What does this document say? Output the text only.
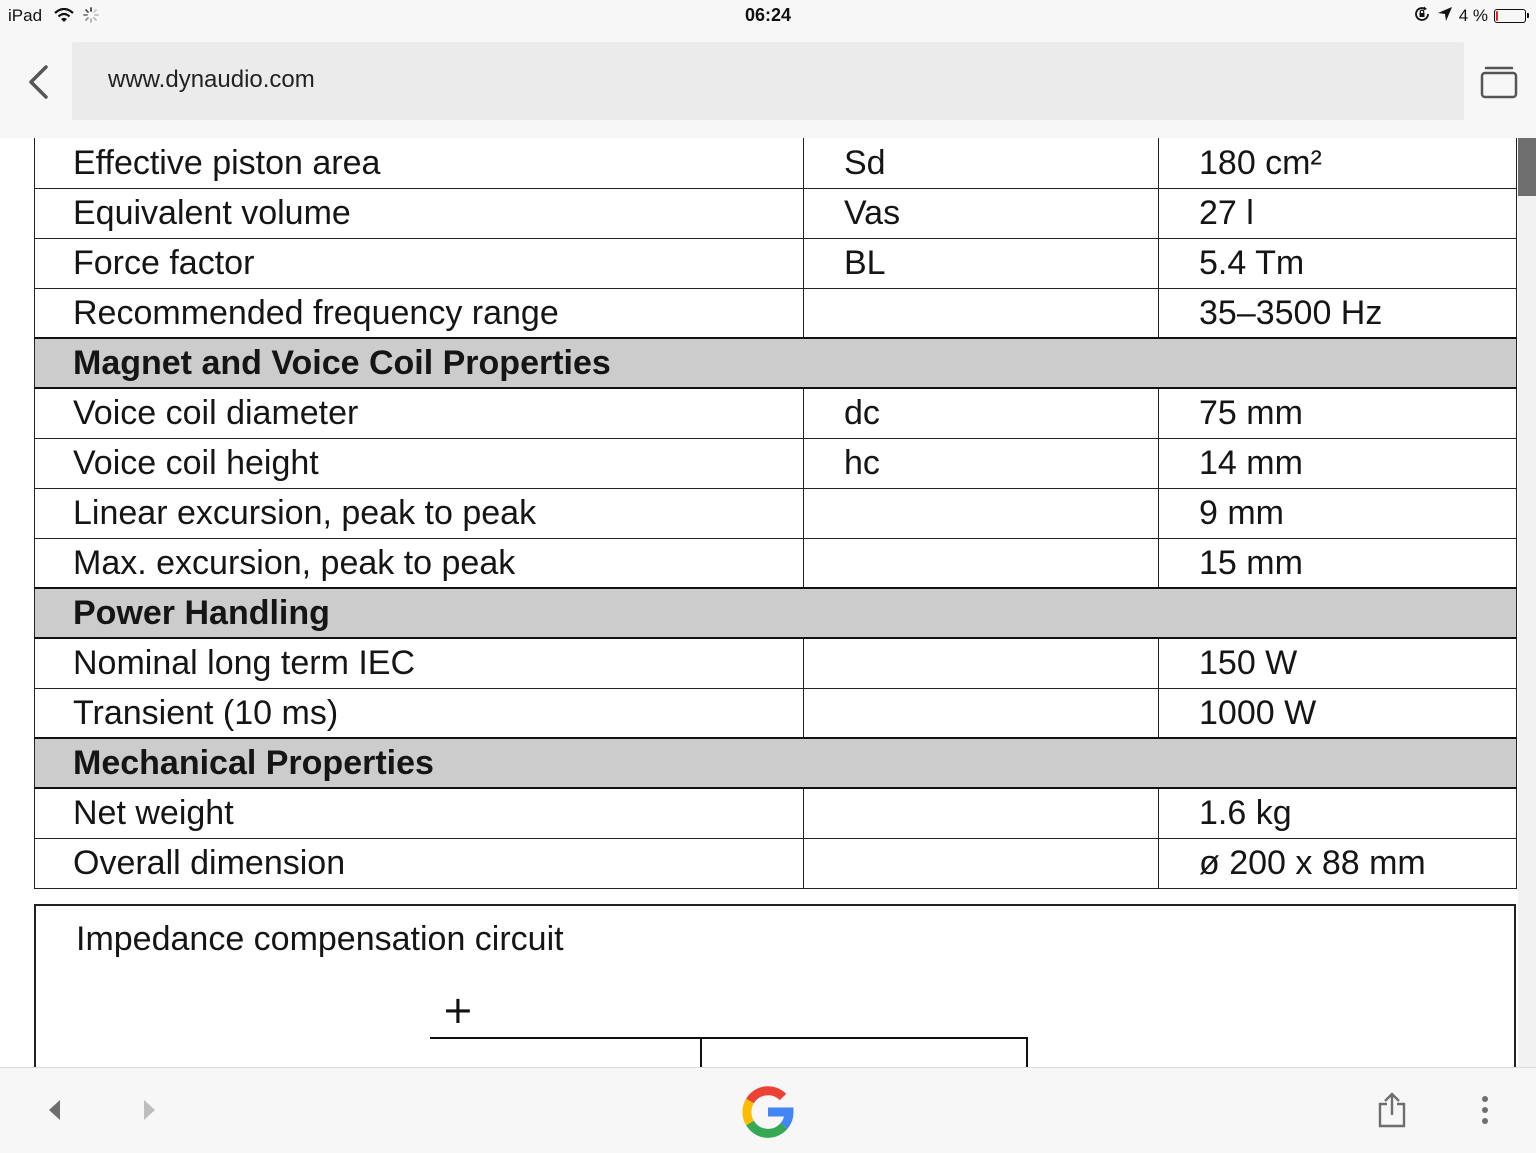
iPad	06:24	4 %
www.dynaudio.com
Effective piston area	Sd	180 cm²
Equivalent volume	Vas	27 l
Force factor	BL	5.4 Tm
Recommended frequency range		35–3500 Hz
Magnet and Voice Coil Properties		
Voice coil diameter	dc	75 mm
Voice coil height	hc	14 mm
Linear excursion, peak to peak		9 mm
Max. excursion, peak to peak		15 mm
Power Handling		
Nominal long term IEC		150 W
Transient (10 ms)		1000 W
Mechanical Properties		
Net weight		1.6 kg
Overall dimension		ø 200 x 88 mm
Impedance compensation circuit
+
